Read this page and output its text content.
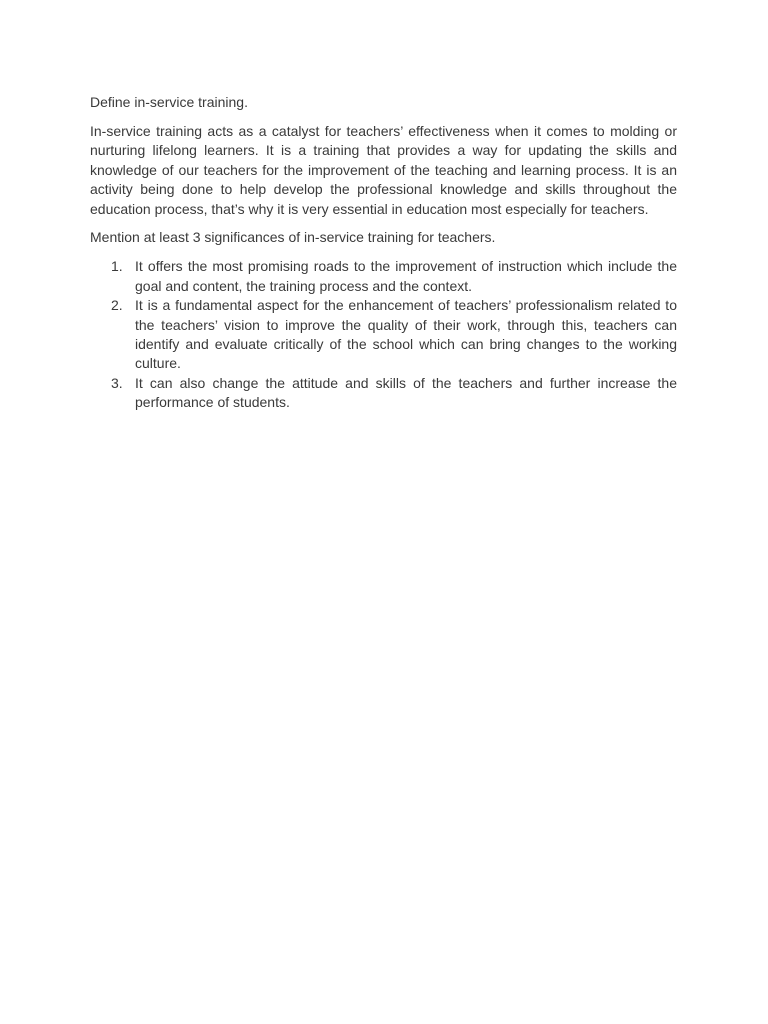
Define in-service training.

In-service training acts as a catalyst for teachers’ effectiveness when it comes to molding or nurturing lifelong learners. It is a training that provides a way for updating the skills and knowledge of our teachers for the improvement of the teaching and learning process. It is an activity being done to help develop the professional knowledge and skills throughout the education process, that’s why it is very essential in education most especially for teachers.

Mention at least 3 significances of in-service training for teachers.

1. It offers the most promising roads to the improvement of instruction which include the goal and content, the training process and the context.
2. It is a fundamental aspect for the enhancement of teachers’ professionalism related to the teachers’ vision to improve the quality of their work, through this, teachers can identify and evaluate critically of the school which can bring changes to the working culture.
3. It can also change the attitude and skills of the teachers and further increase the performance of students.
